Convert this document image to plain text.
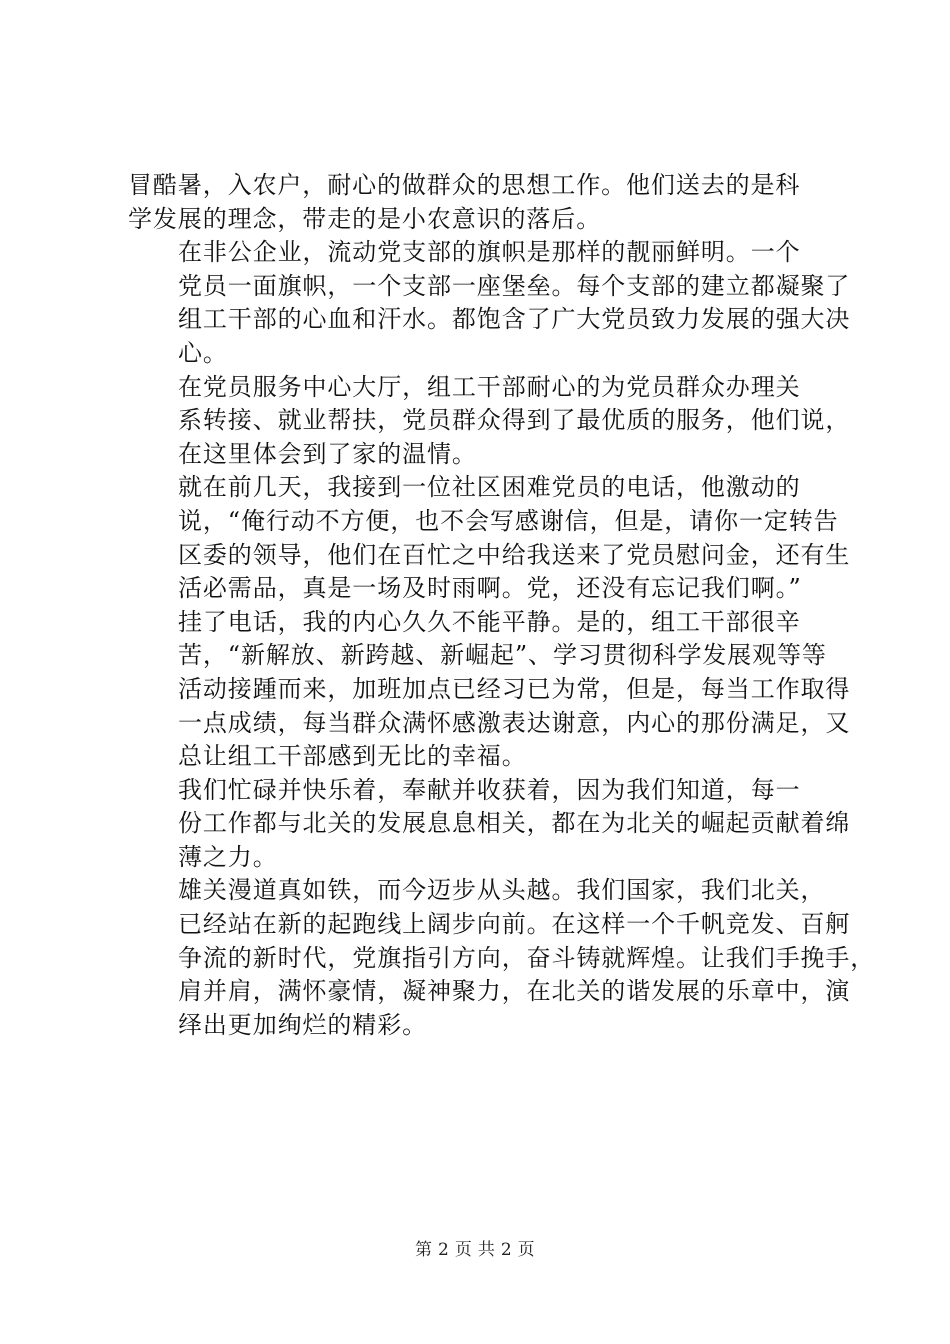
冒酷暑，入农户，耐心的做群众的思想工作。他们送去的是科
学发展的理念，带走的是小农意识的落后。
在非公企业，流动党支部的旗帜是那样的靓丽鲜明。一个
党员一面旗帜，一个支部一座堡垒。每个支部的建立都凝聚了
组工干部的心血和汗水。都饱含了广大党员致力发展的强大决
心。
在党员服务中心大厅，组工干部耐心的为党员群众办理关
系转接、就业帮扶，党员群众得到了最优质的服务，他们说，
在这里体会到了家的温情。
就在前几天，我接到一位社区困难党员的电话，他激动的
说，“俺行动不方便，也不会写感谢信，但是，请你一定转告
区委的领导，他们在百忙之中给我送来了党员慰问金，还有生
活必需品，真是一场及时雨啊。党，还没有忘记我们啊。”
挂了电话，我的内心久久不能平静。是的，组工干部很辛
苦，“新解放、新跨越、新崛起”、学习贯彻科学发展观等等
活动接踵而来，加班加点已经习已为常，但是，每当工作取得
一点成绩，每当群众满怀感激表达谢意，内心的那份满足，又
总让组工干部感到无比的幸福。
我们忙碌并快乐着，奉献并收获着，因为我们知道，每一
份工作都与北关的发展息息相关，都在为北关的崛起贡献着绵
薄之力。
雄关漫道真如铁，而今迈步从头越。我们国家，我们北关，
已经站在新的起跑线上阔步向前。在这样一个千帆竞发、百舸
争流的新时代，党旗指引方向，奋斗铸就辉煌。让我们手挽手，
肩并肩，满怀豪情，凝神聚力，在北关的谐发展的乐章中，演
绎出更加绚烂的精彩。
第 2 页 共 2 页
